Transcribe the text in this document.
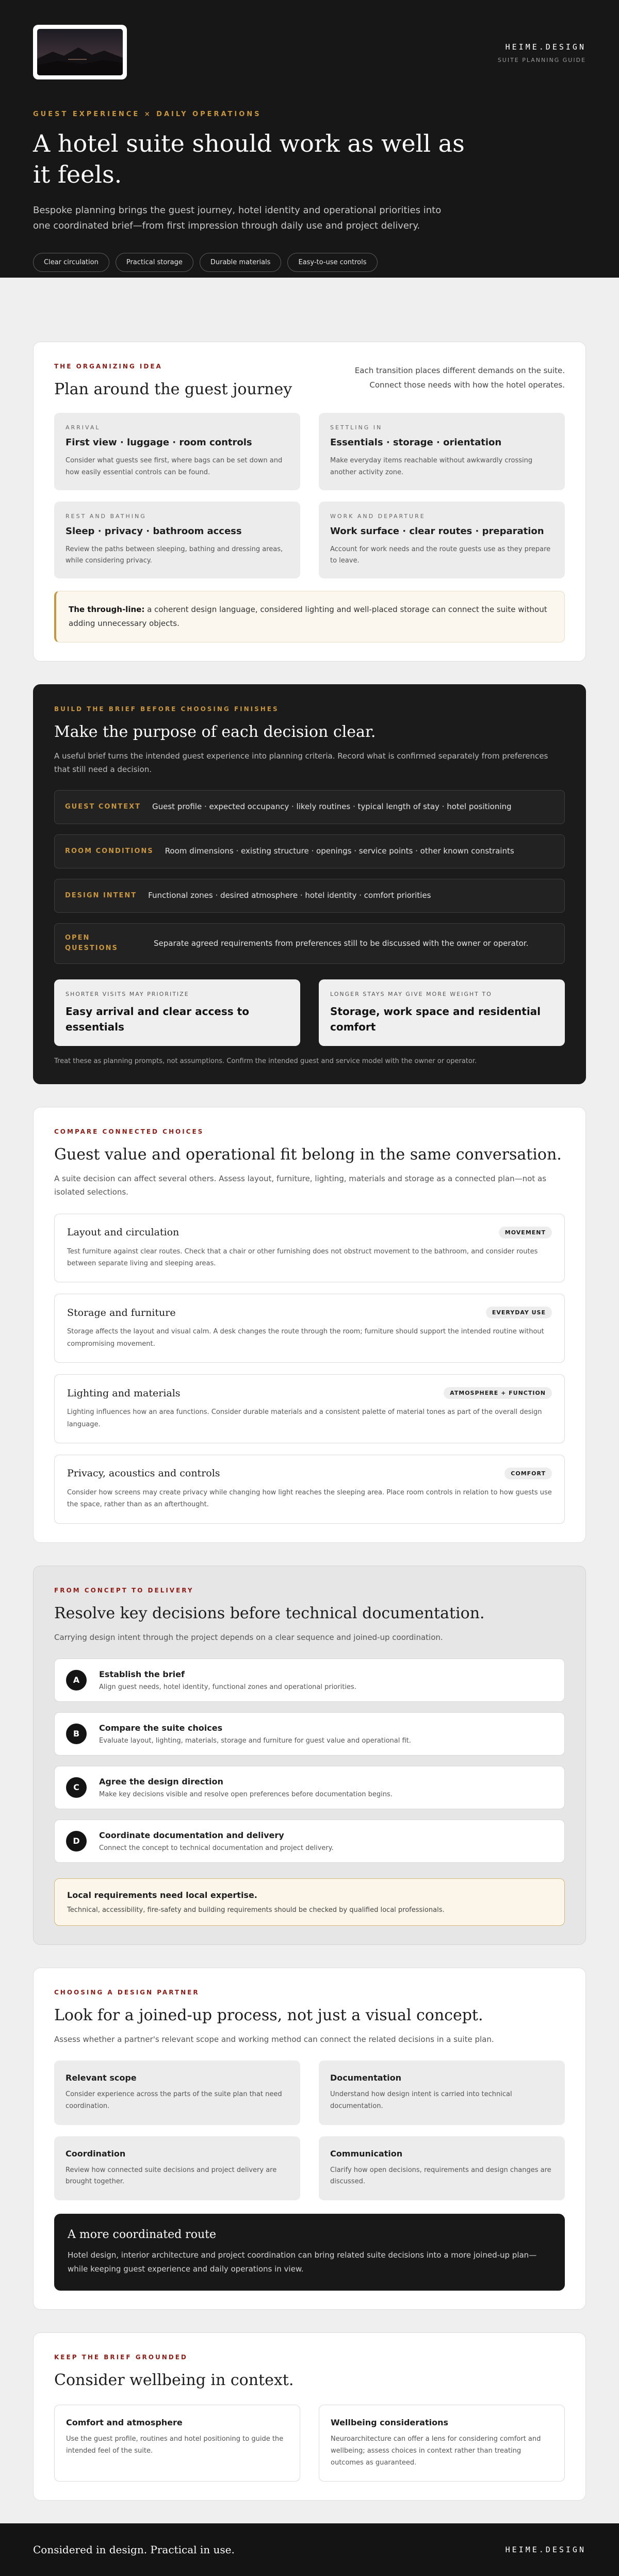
HEIME.DESIGN
SUITE PLANNING GUIDE
GUEST EXPERIENCE × DAILY OPERATIONS
A hotel suite should work as well as it feels.

Bespoke planning brings the guest journey, hotel identity and operational priorities into one coordinated brief—from first impression through daily use and project delivery.

Clear circulation	Practical storage	Durable materials	Easy-to-use controls
THE ORGANIZING IDEA
Plan around the guest journey

Each transition places different demands on the suite. Connect those needs with how the hotel operates.

ARRIVAL
First view · luggage · room controls
Consider what guests see first, where bags can be set down and how easily essential controls can be found.
SETTLING IN
Essentials · storage · orientation
Make everyday items reachable without awkwardly crossing another activity zone.
REST AND BATHING
Sleep · privacy · bathroom access
Review the paths between sleeping, bathing and dressing areas, while considering privacy.
WORK AND DEPARTURE
Work surface · clear routes · preparation
Account for work needs and the route guests use as they prepare to leave.
The through-line: a coherent design language, considered lighting and well-placed storage can connect the suite without adding unnecessary objects.
BUILD THE BRIEF BEFORE CHOOSING FINISHES
Make the purpose of each decision clear.

A useful brief turns the intended guest experience into planning criteria. Record what is confirmed separately from preferences that still need a decision.

GUEST CONTEXT Guest profile · expected occupancy · likely routines · typical length of stay · hotel positioning
ROOM CONDITIONS Room dimensions · existing structure · openings · service points · other known constraints
DESIGN INTENT Functional zones · desired atmosphere · hotel identity · comfort priorities
OPEN QUESTIONS
Separate agreed requirements from preferences still to be discussed with the owner or operator.
SHORTER VISITS MAY PRIORITIZE
Easy arrival and clear access to essentials
LONGER STAYS MAY GIVE MORE WEIGHT TO
Storage, work space and residential comfort

Treat these as planning prompts, not assumptions. Confirm the intended guest and service model with the owner or operator.

COMPARE CONNECTED CHOICES
Guest value and operational fit belong in the same conversation.

A suite decision can affect several others. Assess layout, furniture, lighting, materials and storage as a connected plan—not as isolated selections.

Layout and circulation	MOVEMENT
Test furniture against clear routes. Check that a chair or other furnishing does not obstruct movement to the bathroom, and consider routes between separate living and sleeping areas.
Storage and furniture	EVERYDAY USE
Storage affects the layout and visual calm. A desk changes the route through the room; furniture should support the intended routine without compromising movement.
Lighting and materials	ATMOSPHERE + FUNCTION
Lighting influences how an area functions. Consider durable materials and a consistent palette of material tones as part of the overall design language.
Privacy, acoustics and controls	COMFORT
Consider how screens may create privacy while changing how light reaches the sleeping area. Place room controls in relation to how guests use the space, rather than as an afterthought.
FROM CONCEPT TO DELIVERY
Resolve key decisions before technical documentation.

Carrying design intent through the project depends on a clear sequence and joined-up coordination.

A
Establish the brief
Align guest needs, hotel identity, functional zones and operational priorities.
B
Compare the suite choices
Evaluate layout, lighting, materials, storage and furniture for guest value and operational fit.
C
Agree the design direction
Make key decisions visible and resolve open preferences before documentation begins.
D
Coordinate documentation and delivery
Connect the concept to technical documentation and project delivery.
Local requirements need local expertise.
Technical, accessibility, fire-safety and building requirements should be checked by qualified local professionals.
CHOOSING A DESIGN PARTNER
Look for a joined-up process, not just a visual concept.

Assess whether a partner's relevant scope and working method can connect the related decisions in a suite plan.

Relevant scope
Consider experience across the parts of the suite plan that need coordination.
Documentation
Understand how design intent is carried into technical documentation.
Coordination
Review how connected suite decisions and project delivery are brought together.
Communication
Clarify how open decisions, requirements and design changes are discussed.
A more coordinated route
Hotel design, interior architecture and project coordination can bring related suite decisions into a more joined-up plan—while keeping guest experience and daily operations in view.
KEEP THE BRIEF GROUNDED
Consider wellbeing in context.
Comfort and atmosphere
Use the guest profile, routines and hotel positioning to guide the intended feel of the suite.
Wellbeing considerations
Neuroarchitecture can offer a lens for considering comfort and wellbeing; assess choices in context rather than treating outcomes as guaranteed.
Considered in design. Practical in use.	HEIME.DESIGN
